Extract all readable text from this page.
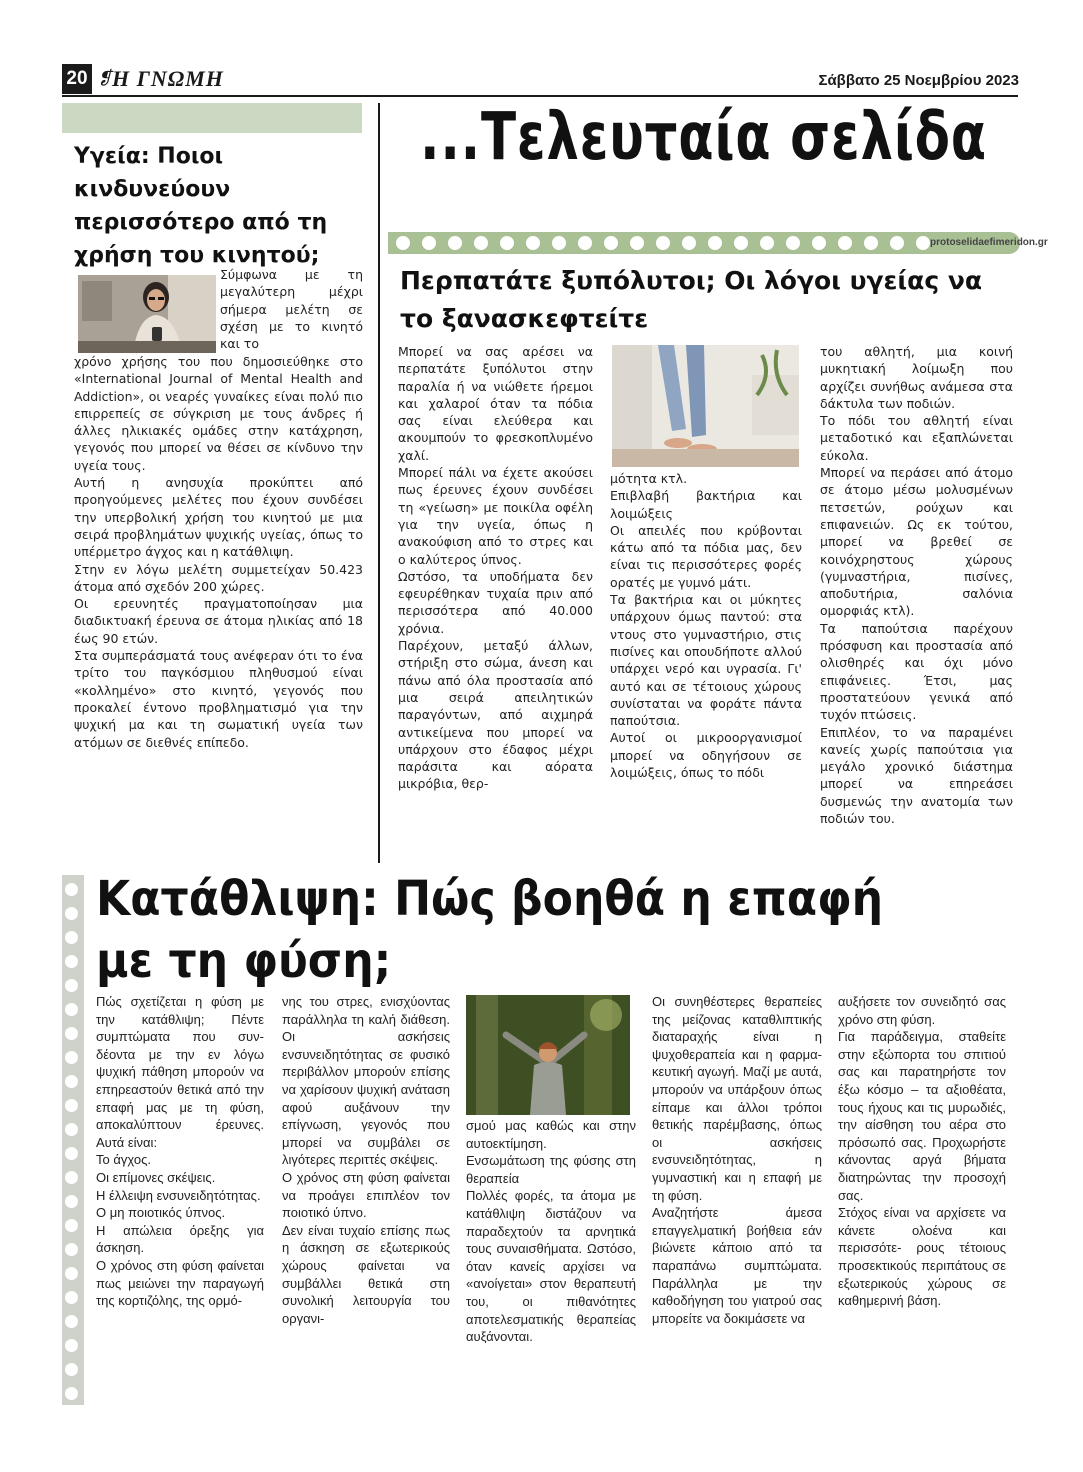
20 ❡ Η ΓΝΩΜΗ	Σάββατο 25 Νοεμβρίου 2023
Υγεία: Ποιοι κινδυνεύουν περισσότερο από τη χρήση του κινητού;
Σύμφωνα με τη μεγαλύτερη μέχρι σήμερα μελέτη σε σχέση με το κινητό και το

χρόνο χρήσης του που δημοσιεύθηκε στο «International Journal of Mental Health and Addiction», οι νεαρές γυναίκες είναι πολύ πιο επιρρεπείς σε σύγκριση με τους άνδρες ή άλλες ηλικιακές ομάδες στην κατάχρηση, γεγονός που μπορεί να θέσει σε κίνδυνο την υγεία τους.

Αυτή η ανησυχία προκύπτει από προηγούμενες μελέτες που έχουν συνδέσει την υπερβολική χρήση του κινητού με μια σειρά προβλημάτων ψυχικής υγείας, όπως το υπέρμετρο άγχος και η κατάθλιψη.

Στην εν λόγω μελέτη συμμετείχαν 50.423 άτομα από σχεδόν 200 χώρες.

Οι ερευνητές πραγματοποίησαν μια διαδικτυακή έρευνα σε άτομα ηλικίας από 18 έως 90 ετών.

Στα συμπεράσματά τους ανέφεραν ότι το ένα τρίτο του παγκόσμιου πληθυσμού είναι «κολλημένο» στο κινητό, γεγονός που προκαλεί έντονο προβληματισμό για την ψυχική μα και τη σωματική υγεία των ατόμων σε διεθνές επίπεδο.

...Τελευταία σελίδα
protoselidaefimeridon.gr
Περπατάτε ξυπόλυτοι; Οι λόγοι υγείας να το ξανασκεφτείτε

Μπορεί να σας αρέσει να περπατάτε ξυπόλυτοι στην παραλία ή να νιώθετε ήρεμοι και χαλαροί όταν τα πόδια σας είναι ελεύθερα και ακουμπούν το φρεσκοπλυμένο χαλί.

Μπορεί πάλι να έχετε ακούσει πως έρευνες έχουν συνδέσει τη «γείωση» με ποικίλα οφέλη για την υγεία, όπως η ανακούφιση από το στρες και ο καλύτερος ύπνος.

Ωστόσο, τα υποδήματα δεν εφευρέθηκαν τυχαία πριν από περισσότερα από 40.000 χρόνια.

Παρέχουν, μεταξύ άλλων, στήριξη στο σώμα, άνεση και πάνω από όλα προστασία από μια σειρά απειλητικών παραγόντων, από αιχμηρά αντικείμενα που μπορεί να υπάρχουν στο έδαφος μέχρι παράσιτα και αόρατα μικρόβια, θερ-

μότητα κτλ.

Επιβλαβή βακτήρια και λοιμώξεις

Οι απειλές που κρύβονται κάτω από τα πόδια μας, δεν είναι τις περισσότερες φορές ορατές με γυμνό μάτι.

Τα βακτήρια και οι μύκητες υπάρχουν όμως παντού: στα ντους στο γυμναστήριο, στις πισίνες και οπουδήποτε αλλού υπάρχει νερό και υγρασία. Γι' αυτό και σε τέτοιους χώρους συνίσταται να φοράτε πάντα παπούτσια.

Αυτοί οι μικροοργανισμοί μπορεί να οδηγήσουν σε λοιμώξεις, όπως το πόδι

του αθλητή, μια κοινή μυκητιακή λοίμωξη που αρχίζει συνήθως ανάμεσα στα δάκτυλα των ποδιών.

Το πόδι του αθλητή είναι μεταδοτικό και εξαπλώνεται εύκολα.

Μπορεί να περάσει από άτομο σε άτομο μέσω μολυσμένων πετσετών, ρούχων και επιφανειών. Ως εκ τούτου, μπορεί να βρεθεί σε κοινόχρηστους χώρους (γυμναστήρια, πισίνες, αποδυτήρια, σαλόνια ομορφιάς κτλ).

Τα παπούτσια παρέχουν πρόσφυση και προστασία από ολισθηρές και όχι μόνο επιφάνειες. Έτσι, μας προστατεύουν γενικά από τυχόν πτώσεις.

Επιπλέον, το να παραμένει κανείς χωρίς παπούτσια για μεγάλο χρονικό διάστημα μπορεί να επηρεάσει δυσμενώς την ανατομία των ποδιών του.

Κατάθλιψη: Πώς βοηθά η επαφή με τη φύση;

Πώς σχετίζεται η φύση με την κατάθλιψη; Πέντε συμπτώματα που συν- δέοντα με την εν λόγω ψυχική πάθηση μπορούν να επηρεαστούν θετικά από την επαφή μας με τη φύση, αποκαλύπτουν έρευνες. Αυτά είναι:

Το άγχος.

Οι επίμονες σκέψεις.

Η έλλειψη ενσυνειδητότητας.

Ο μη ποιοτικός ύπνος.

Η απώλεια όρεξης για άσκηση.

Ο χρόνος στη φύση φαίνεται πως μειώνει την παραγωγή της κορτιζόλης, της ορμό-

νης του στρες, ενισχύοντας παράλληλα τη καλή διάθεση. Οι ασκήσεις ενσυνειδητότητας σε φυσικό περιβάλλον μπορούν επίσης να χαρίσουν ψυχική ανάταση αφού αυξάνουν την επίγνωση, γεγονός που μπορεί να συμβάλει σε λιγότερες περιττές σκέψεις.

Ο χρόνος στη φύση φαίνεται να προάγει επιπλέον τον ποιοτικό ύπνο.

Δεν είναι τυχαίο επίσης πως η άσκηση σε εξωτερικούς χώρους φαίνεται να συμβάλλει θετικά στη συνολική λειτουργία του οργανι-

σμού μας καθώς και στην αυτοεκτίμηση.

Ενσωμάτωση της φύσης στη θεραπεία

Πολλές φορές, τα άτομα με κατάθλιψη διστάζουν να παραδεχτούν τα αρνητικά τους συναισθήματα. Ωστόσο, όταν κανείς αρχίσει να «ανοίγεται» στον θεραπευτή του, οι πιθανότητες αποτελεσματικής θεραπείας αυξάνονται.

Οι συνηθέστερες θεραπείες της μείζονας καταθλιπτικής διαταραχής είναι η ψυχοθεραπεία και η φαρμα- κευτική αγωγή. Μαζί με αυτά, μπορούν να υπάρξουν όπως είπαμε και άλλοι τρόποι θετικής παρέμβασης, όπως οι ασκήσεις ενσυνειδητότητας, η γυμναστική και η επαφή με τη φύση.

Αναζητήστε άμεσα επαγγελματική βοήθεια εάν βιώνετε κάποιο από τα παραπάνω συμπτώματα. Παράλληλα με την καθοδήγηση του γιατρού σας μπορείτε να δοκιμάσετε να

αυξήσετε τον συνειδητό σας χρόνο στη φύση.

Για παράδειγμα, σταθείτε στην εξώπορτα του σπιτιού σας και παρατηρήστε τον έξω κόσμο – τα αξιοθέατα, τους ήχους και τις μυρωδιές, την αίσθηση του αέρα στο πρόσωπό σας. Προχωρήστε κάνοντας αργά βήματα διατηρώντας την προσοχή σας.

Στόχος είναι να αρχίσετε να κάνετε ολοένα και περισσότε- ρους τέτοιους προσεκτικούς περιπάτους σε εξωτερικούς χώρους σε καθημερινή βάση.
